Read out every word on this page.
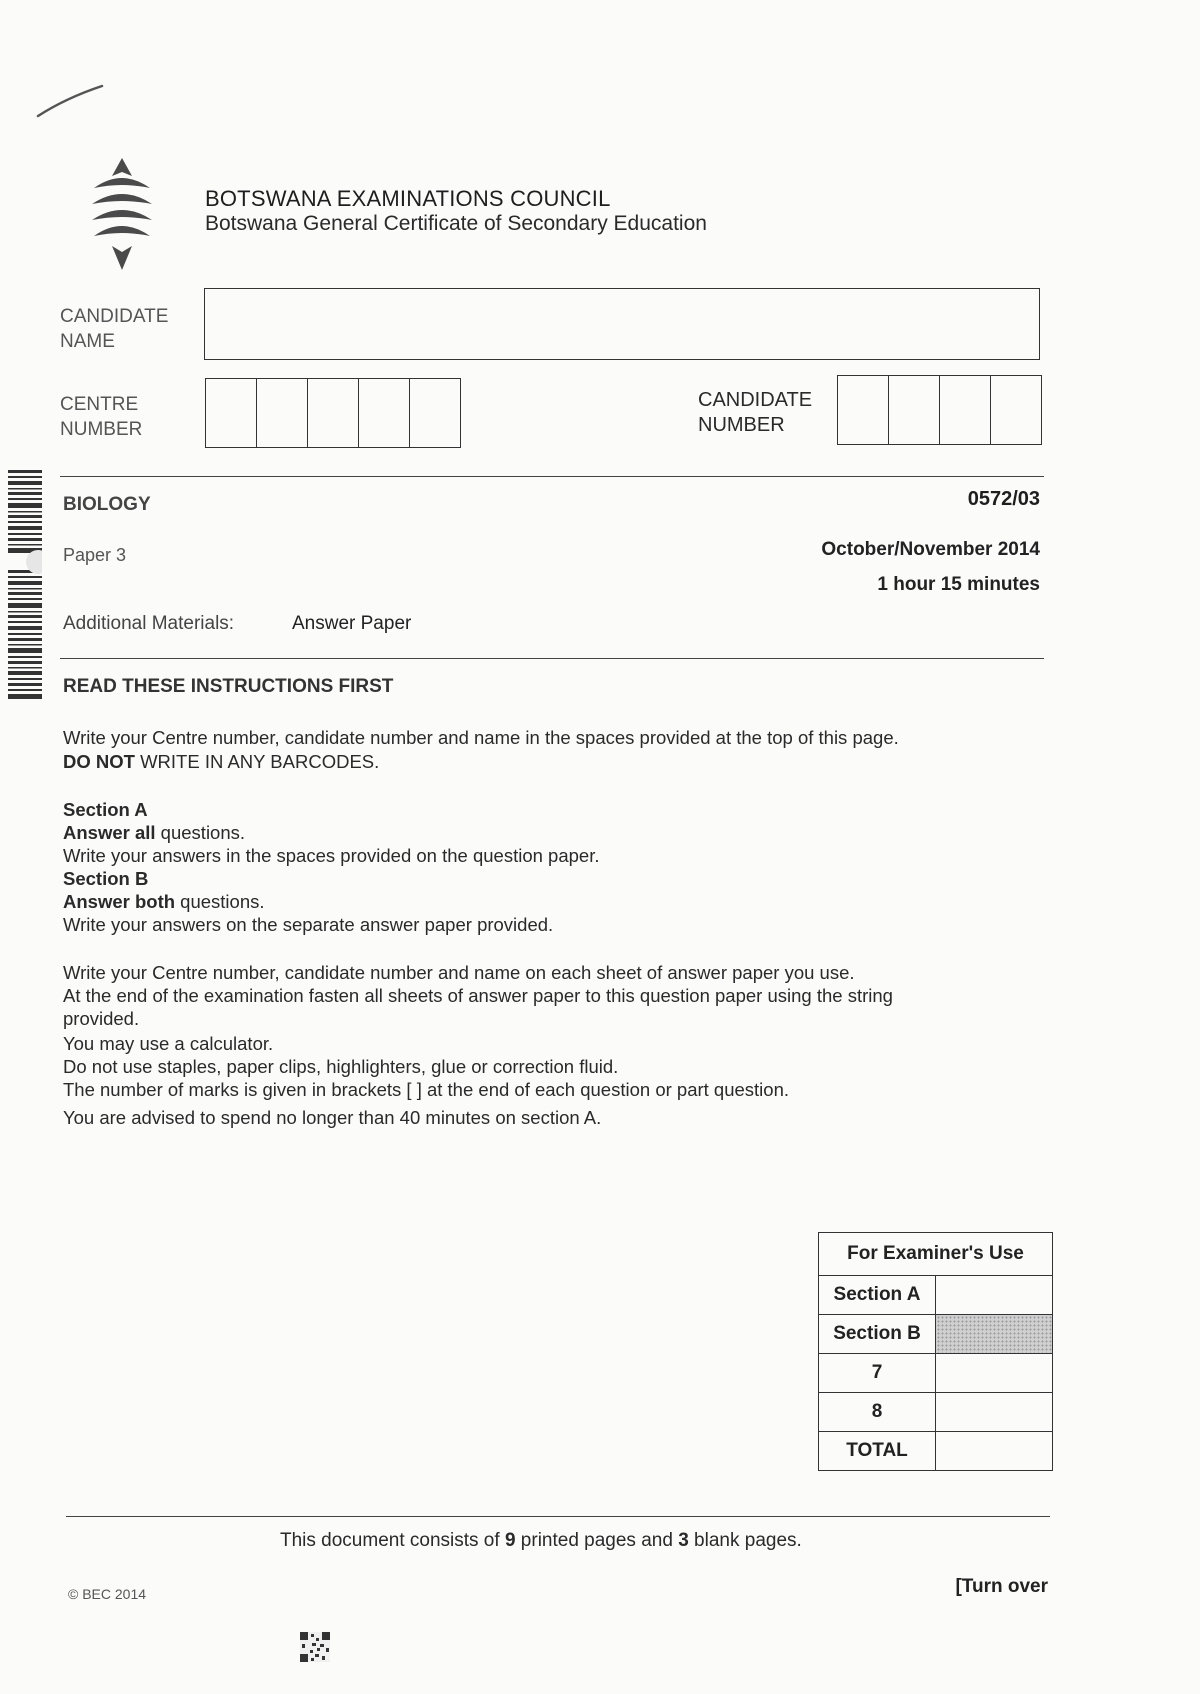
BOTSWANA EXAMINATIONS COUNCIL
Botswana General Certificate of Secondary Education
CANDIDATE
NAME
CENTRE
NUMBER
CANDIDATE
NUMBER
BIOLOGY	0572/03
Paper 3	October/November 2014
1 hour 15 minutes
Additional Materials:	Answer Paper
READ THESE INSTRUCTIONS FIRST
Write your Centre number, candidate number and name in the spaces provided at the top of this page.
DO NOT WRITE IN ANY BARCODES.
Section A
Answer all questions.
Write your answers in the spaces provided on the question paper.
Section B
Answer both questions.
Write your answers on the separate answer paper provided.
Write your Centre number, candidate number and name on each sheet of answer paper you use.
At the end of the examination fasten all sheets of answer paper to this question paper using the string
provided.
You may use a calculator.
Do not use staples, paper clips, highlighters, glue or correction fluid.
The number of marks is given in brackets [ ] at the end of each question or part question.
You are advised to spend no longer than 40 minutes on section A.
For Examiner's Use	
Section A	
Section B	
7	
8	
TOTAL	
This document consists of 9 printed pages and 3 blank pages.
© BEC 2014	[Turn over
